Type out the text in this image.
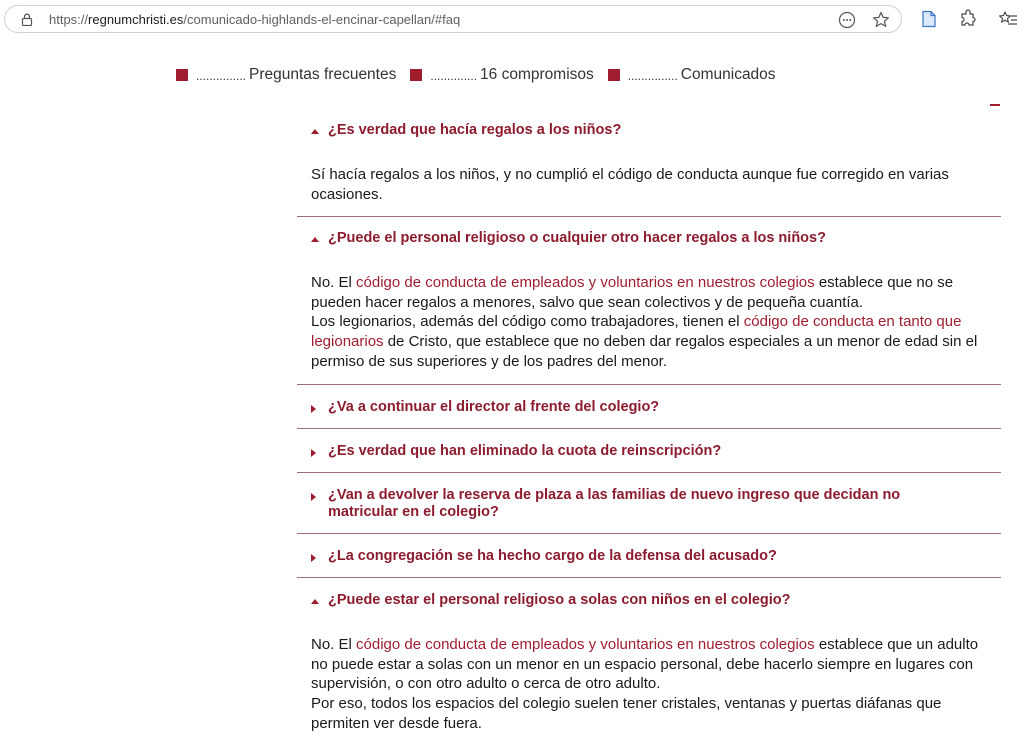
https://regnumchristi.es/comunicado-highlands-el-encinar-capellan/#faq
............... Preguntas frecuentes	.............. 16 compromisos	............... Comunicados
¿Es verdad que hacía regalos a los niños?

Sí hacía regalos a los niños, y no cumplió el código de conducta aunque fue corregido en varias ocasiones.

¿Puede el personal religioso o cualquier otro hacer regalos a los niños?

No. El código de conducta de empleados y voluntarios en nuestros colegios establece que no se pueden hacer regalos a menores, salvo que sean colectivos y de pequeña cuantía.

Los legionarios, además del código como trabajadores, tienen el código de conducta en tanto que legionarios de Cristo, que establece que no deben dar regalos especiales a un menor de edad sin el permiso de sus superiores y de los padres del menor.

¿Va a continuar el director al frente del colegio?
¿Es verdad que han eliminado la cuota de reinscripción?
¿Van a devolver la reserva de plaza a las familias de nuevo ingreso que decidan no matricular en el colegio?
¿La congregación se ha hecho cargo de la defensa del acusado?
¿Puede estar el personal religioso a solas con niños en el colegio?

No. El código de conducta de empleados y voluntarios en nuestros colegios establece que un adulto no puede estar a solas con un menor en un espacio personal, debe hacerlo siempre en lugares con supervisión, o con otro adulto o cerca de otro adulto.

Por eso, todos los espacios del colegio suelen tener cristales, ventanas y puertas diáfanas que permiten ver desde fuera.
